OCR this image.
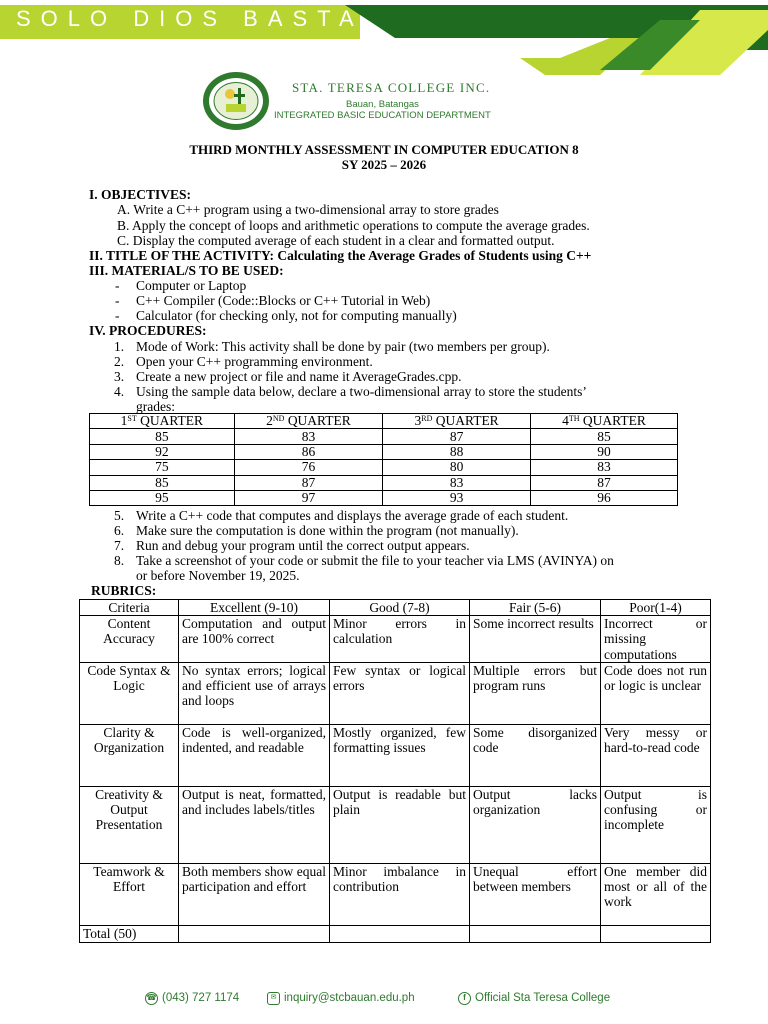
SOLO DIOS BASTA
STA. TERESA COLLEGE INC.
Bauan, Batangas
INTEGRATED BASIC EDUCATION DEPARTMENT
THIRD MONTHLY ASSESSMENT IN COMPUTER EDUCATION 8
SY 2025 – 2026
I. OBJECTIVES:
A. Write a C++ program using a two-dimensional array to store grades
B. Apply the concept of loops and arithmetic operations to compute the average grades.
C. Display the computed average of each student in a clear and formatted output.
II. TITLE OF THE ACTIVITY: Calculating the Average Grades of Students using C++
III. MATERIAL/S TO BE USED:
- Computer or Laptop
- C++ Compiler (Code::Blocks or C++ Tutorial in Web)
- Calculator (for checking only, not for computing manually)
IV. PROCEDURES:
1. Mode of Work: This activity shall be done by pair (two members per group).
2. Open your C++ programming environment.
3. Create a new project or file and name it AverageGrades.cpp.
4. Using the sample data below, declare a two-dimensional array to store the students’
grades:
1ST QUARTER	2ND QUARTER	3RD QUARTER	4TH QUARTER
85	83	87	85
92	86	88	90
75	76	80	83
85	87	83	87
95	97	93	96
5. Write a C++ code that computes and displays the average grade of each student.
6. Make sure the computation is done within the program (not manually).
7. Run and debug your program until the correct output appears.
8. Take a screenshot of your code or submit the file to your teacher via LMS (AVINYA) on
or before November 19, 2025.
RUBRICS:
Criteria	Excellent (9-10)	Good (7-8)	Fair (5-6)	Poor(1-4)
Content Accuracy	Computation and output are 100% correct	Minor errors in calculation	Some incorrect results	Incorrect or missing computations
Code Syntax & Logic	No syntax errors; logical and efficient use of arrays and loops	Few syntax or logical errors	Multiple errors but program runs	Code does not run or logic is unclear
Clarity & Organization	Code is well-organized, indented, and readable	Mostly organized, few formatting issues	Some disorganized code	Very messy or hard-to-read code
Creativity & Output Presentation	Output is neat, formatted, and includes labels/titles	Output is readable but plain	Output lacks organization	Output is confusing or incomplete
Teamwork & Effort	Both members show equal participation and effort	Minor imbalance in contribution	Unequal effort between members	One member did most or all of the work
Total (50)				
☎ (043) 727 1174	✉ inquiry@stcbauan.edu.ph	f Official Sta Teresa College
